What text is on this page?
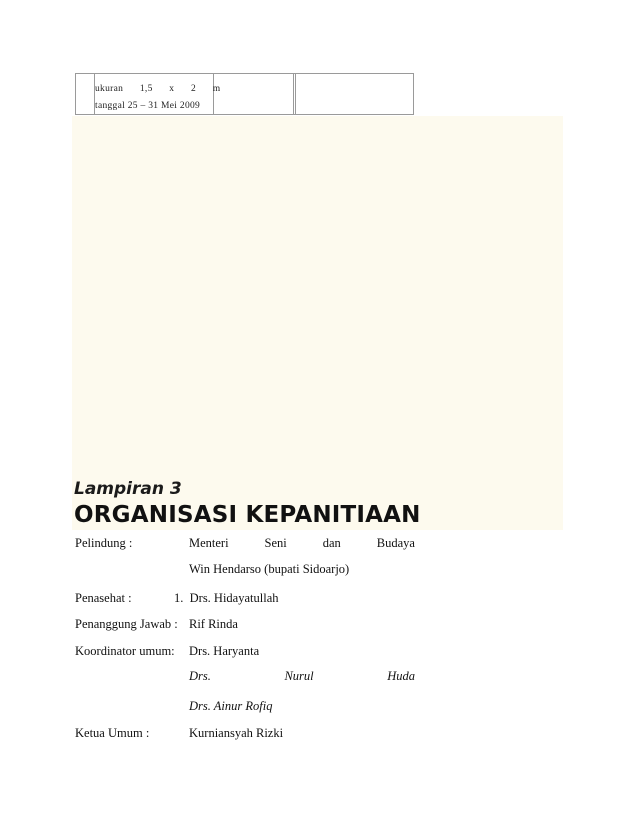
ukuran 1,5 x 2 m
tanggal 25 – 31 Mei 2009
Lampiran 3
ORGANISASI KEPANITIAAN
Pelindung :	Menteri	Seni	dan	Budaya
Win Hendarso (bupati Sidoarjo)
Penasehat :	1.  Drs. Hidayatullah
Penanggung Jawab : Rif Rinda
Koordinator umum: Drs. Haryanta
Drs.	Nurul	Huda
Drs. Ainur Rofiq
Ketua Umum :	Kurniansyah Rizki
